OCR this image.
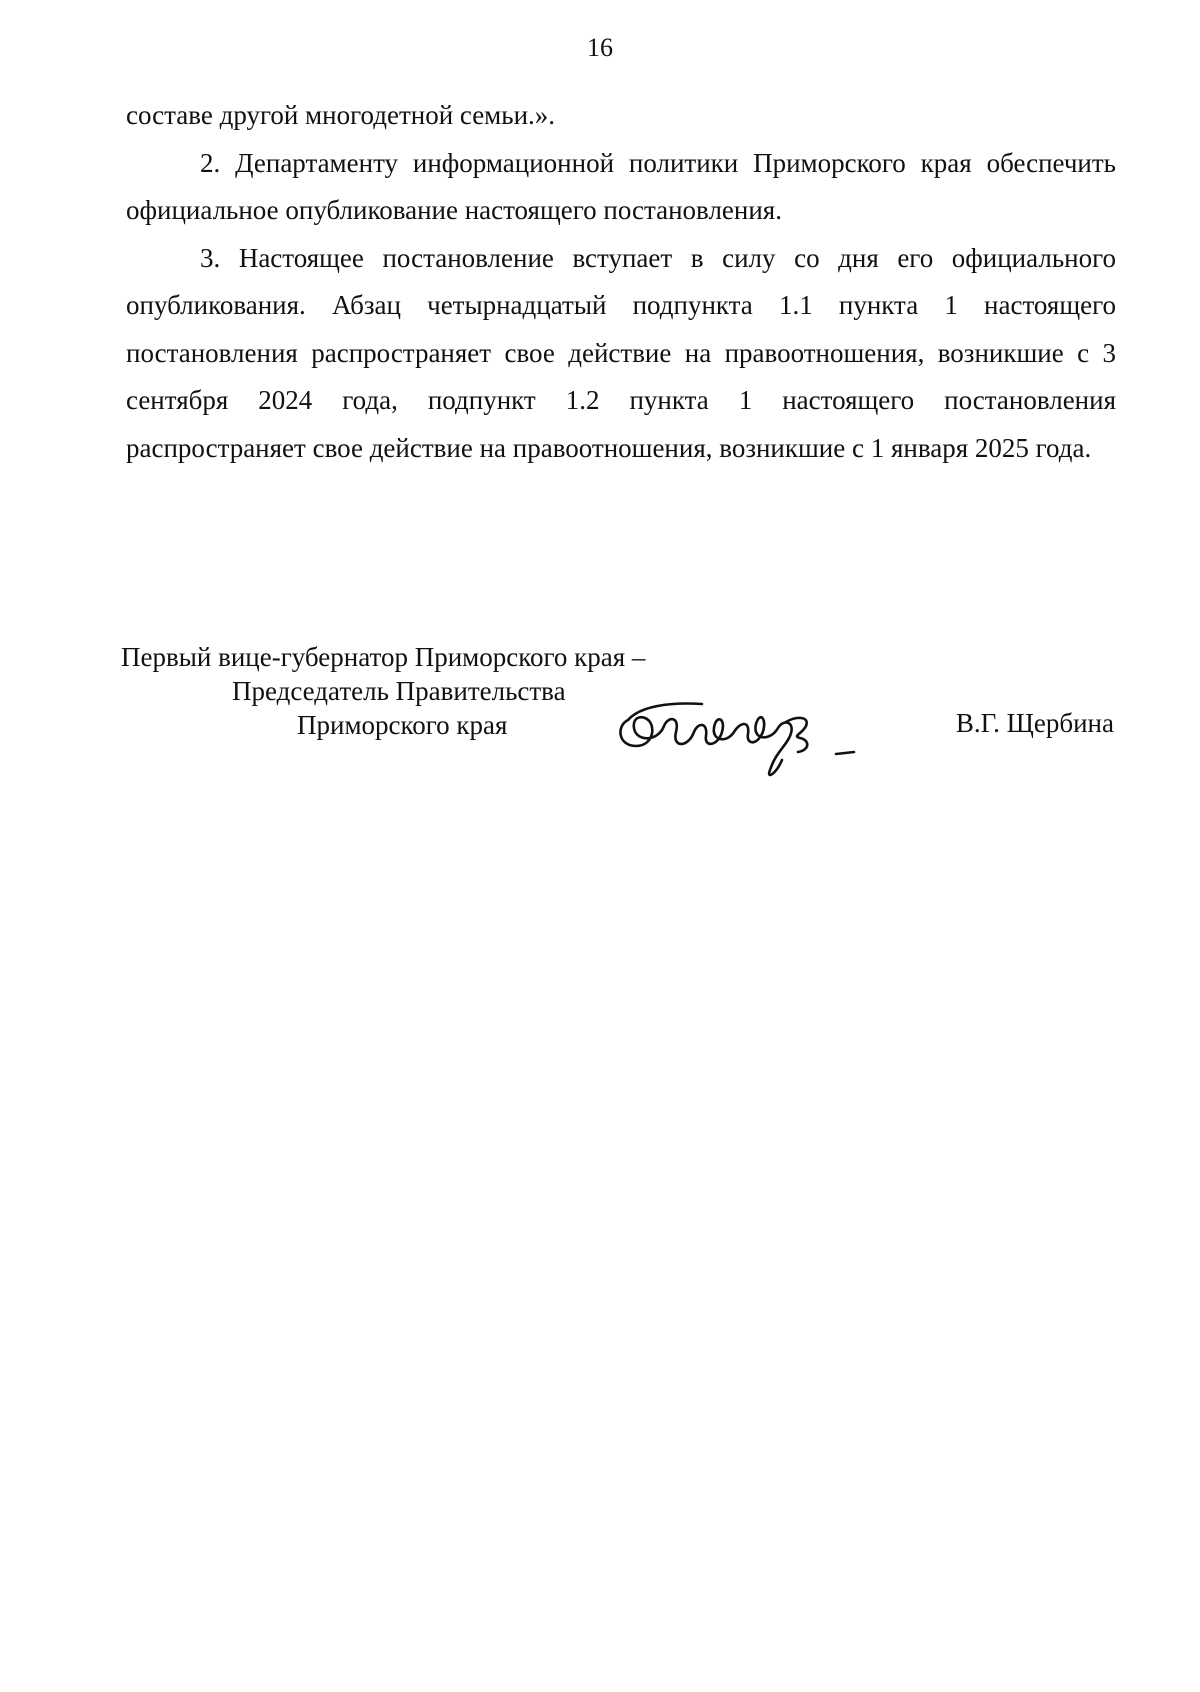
16

составе другой многодетной семьи.».

2. Департаменту информационной политики Приморского края обеспечить официальное опубликование настоящего постановления.

3. Настоящее постановление вступает в силу со дня его официального опубликования. Абзац четырнадцатый подпункта 1.1 пункта 1 настоящего постановления распространяет свое действие на правоотношения, возникшие с 3 сентября 2024 года, подпункт 1.2 пункта 1 настоящего постановления распространяет свое действие на правоотношения, возникшие с 1 января 2025 года.

Первый вице-губернатор Приморского края –
Председатель Правительства
Приморского края	В.Г. Щербина
